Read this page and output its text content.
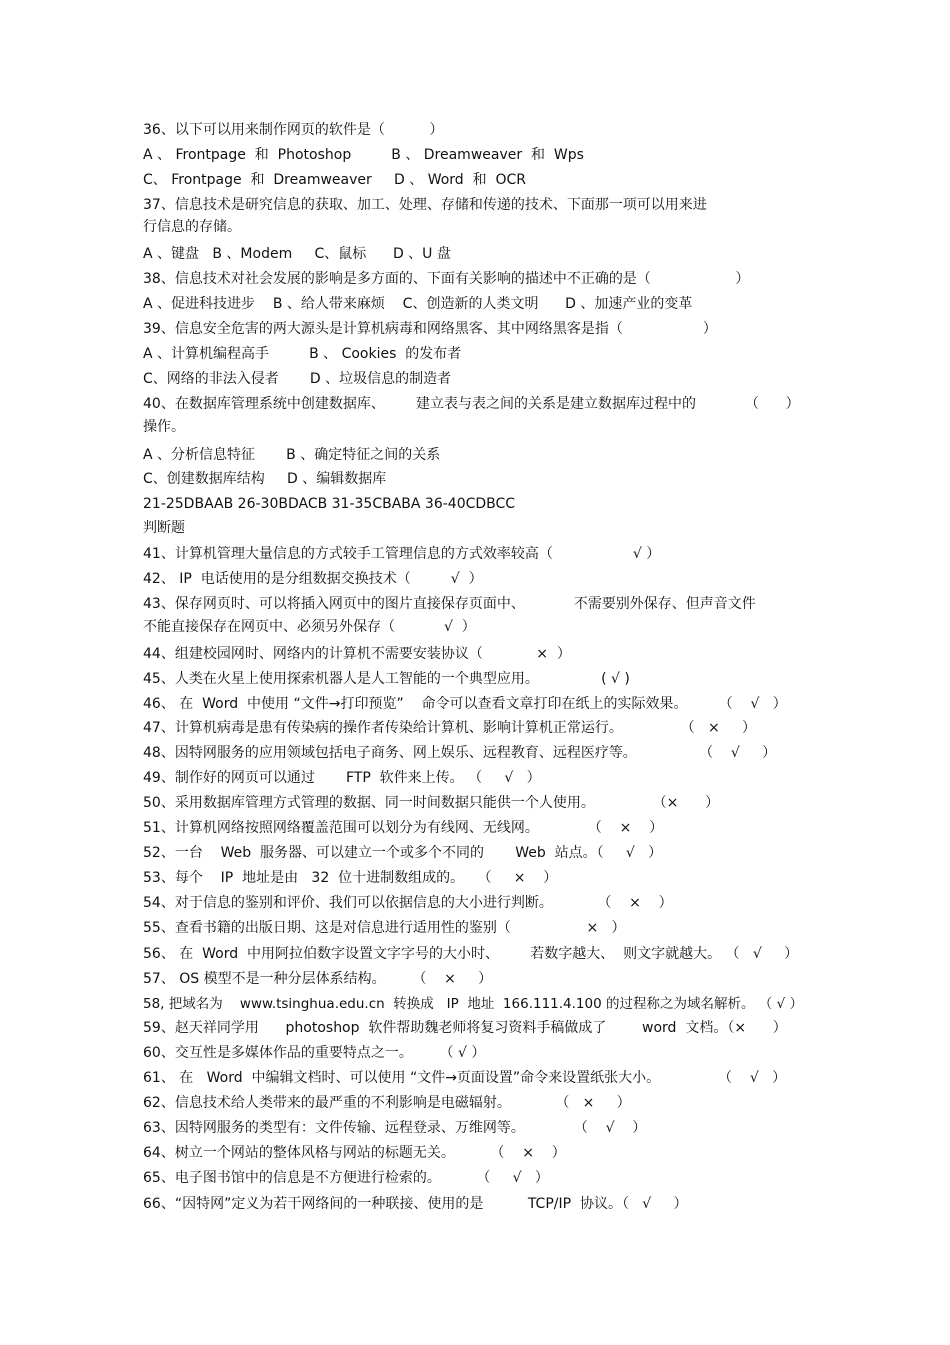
36、以下可以用来制作网页的软件是（          ）
A 、 Frontpage  和  Photoshop         B 、 Dreamweaver  和  Wps
C、 Frontpage  和  Dreamweaver     D 、 Word  和  OCR
37、信息技术是研究信息的获取、加工、处理、存储和传递的技术、下面那一项可以用来进
行信息的存储。
A 、键盘   B 、Modem     C、鼠标      D 、U 盘
38、信息技术对社会发展的影响是多方面的、下面有关影响的描述中不正确的是（                   ）
A 、促进科技进步    B 、给人带来麻烦    C、创造新的人类文明      D 、加速产业的变革
39、信息安全危害的两大源头是计算机病毒和网络黑客、其中网络黑客是指（                  ）
A 、计算机编程高手         B 、 Cookies  的发布者
C、网络的非法入侵者       D 、垃圾信息的制造者
40、在数据库管理系统中创建数据库、       建立表与表之间的关系是建立数据库过程中的           （      ）
操作。
A 、分析信息特征       B 、确定特征之间的关系
C、创建数据库结构     D 、编辑数据库
21-25DBAAB 26-30BDACB 31-35CBABA 36-40CDBCC
判断题
41、计算机管理大量信息的方式较手工管理信息的方式效率较高（                  √ ）
42、 IP  电话使用的是分组数据交换技术（         √  ）
43、保存网页时、可以将插入网页中的图片直接保存页面中、           不需要别外保存、但声音文件
不能直接保存在网页中、必须另外保存（           √  ）
44、组建校园网时、网络内的计算机不需要安装协议（            ×  ）
45、人类在火星上使用探索机器人是人工智能的一个典型应用。              ( √ )
46、 在  Word  中使用 “文件→打印预览”    命令可以查看文章打印在纸上的实际效果。       （    √   ）
47、计算机病毒是患有传染病的操作者传染给计算机、影响计算机正常运行。             （   ×     ）
48、因特网服务的应用领域包括电子商务、网上娱乐、远程教育、远程医疗等。              （    √     ）
49、制作好的网页可以通过       FTP  软件来上传。 （     √   ）
50、采用数据库管理方式管理的数据、同一时间数据只能供一个人使用。             （×      ）
51、计算机网络按照网络覆盖范围可以划分为有线网、无线网。           （    ×    ）
52、一台    Web  服务器、可以建立一个或多个不同的       Web  站点。（     √   ）
53、每个    IP  地址是由   32  位十进制数组成的。   （     ×    ）
54、对于信息的鉴别和评价、我们可以依据信息的大小进行判断。          （    ×    ）
55、查看书籍的出版日期、这是对信息进行适用性的鉴别（                 ×   ）
56、 在  Word  中用阿拉伯数字设置文字字号的大小时、       若数字越大、  则文字就越大。 （   √     ）
57、 OS 模型不是一种分层体系结构。      （    ×     ）
58, 把域名为    www.tsinghua.edu.cn  转换成   IP  地址  166.111.4.100 的过程称之为域名解析。 （ √ ）
59、赵天祥同学用      photoshop  软件帮助魏老师将复习资料手稿做成了        word  文档。（×      ）
60、交互性是多媒体作品的重要特点之一。      （ √ ）
61、 在   Word  中编辑文档时、可以使用 “文件→页面设置”命令来设置纸张大小。             （    √   ）
62、信息技术给人类带来的最严重的不利影响是电磁辐射。          （   ×     ）
63、因特网服务的类型有：文件传输、远程登录、万维网等。           （    √    ）
64、树立一个网站的整体风格与网站的标题无关。        （    ×    ）
65、电子图书馆中的信息是不方便进行检索的。        （     √   ）
66、“因特网”定义为若干网络间的一种联接、使用的是          TCP/IP  协议。（   √     ）
